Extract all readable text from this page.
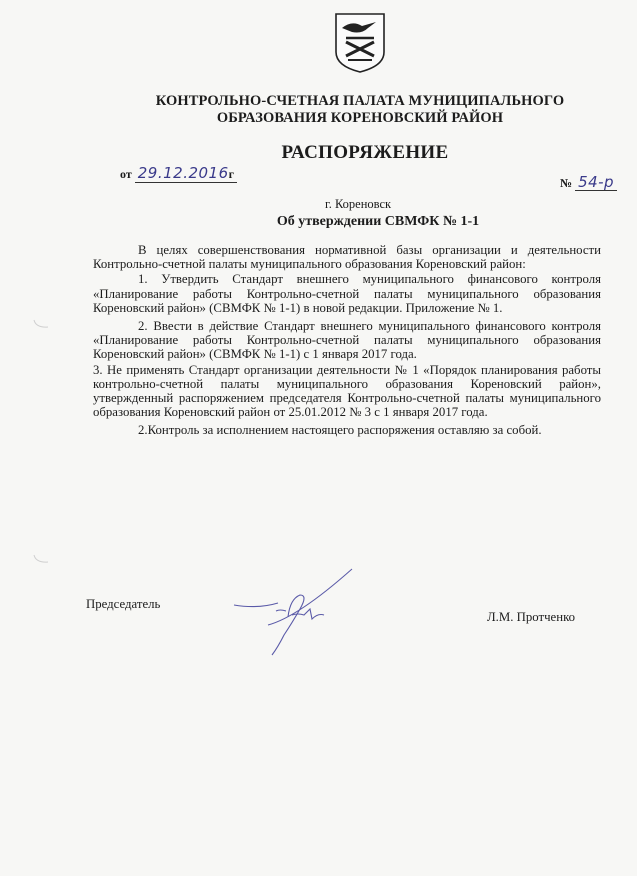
КОНТРОЛЬНО-СЧЕТНАЯ ПАЛАТА МУНИЦИПАЛЬНОГО
ОБРАЗОВАНИЯ КОРЕНОВСКИЙ РАЙОН
РАСПОРЯЖЕНИЕ
от 29.12.2016г
№ 54-р
г. Кореновск
Об утверждении СВМФК № 1-1

В целях совершенствования нормативной базы организации и деятельности Контрольно-счетной палаты муниципального образования Кореновский район:

1. Утвердить Стандарт внешнего муниципального финансового контроля «Планирование работы Контрольно-счетной палаты муниципального образования Кореновский район» (СВМФК № 1-1) в новой редакции. Приложение № 1.

2. Ввести в действие Стандарт внешнего муниципального финансового контроля «Планирование работы Контрольно-счетной палаты муниципального образования Кореновский район» (СВМФК № 1-1) с 1 января 2017 года.

3. Не применять Стандарт организации деятельности № 1 «Порядок планирования работы контрольно-счетной палаты муниципального образования Кореновский район», утвержденный распоряжением председателя Контрольно-счетной палаты муниципального образования Кореновский район от 25.01.2012 № 3 с 1 января 2017 года.

2.Контроль за исполнением настоящего распоряжения оставляю за собой.

Председатель
Л.М. Протченко
